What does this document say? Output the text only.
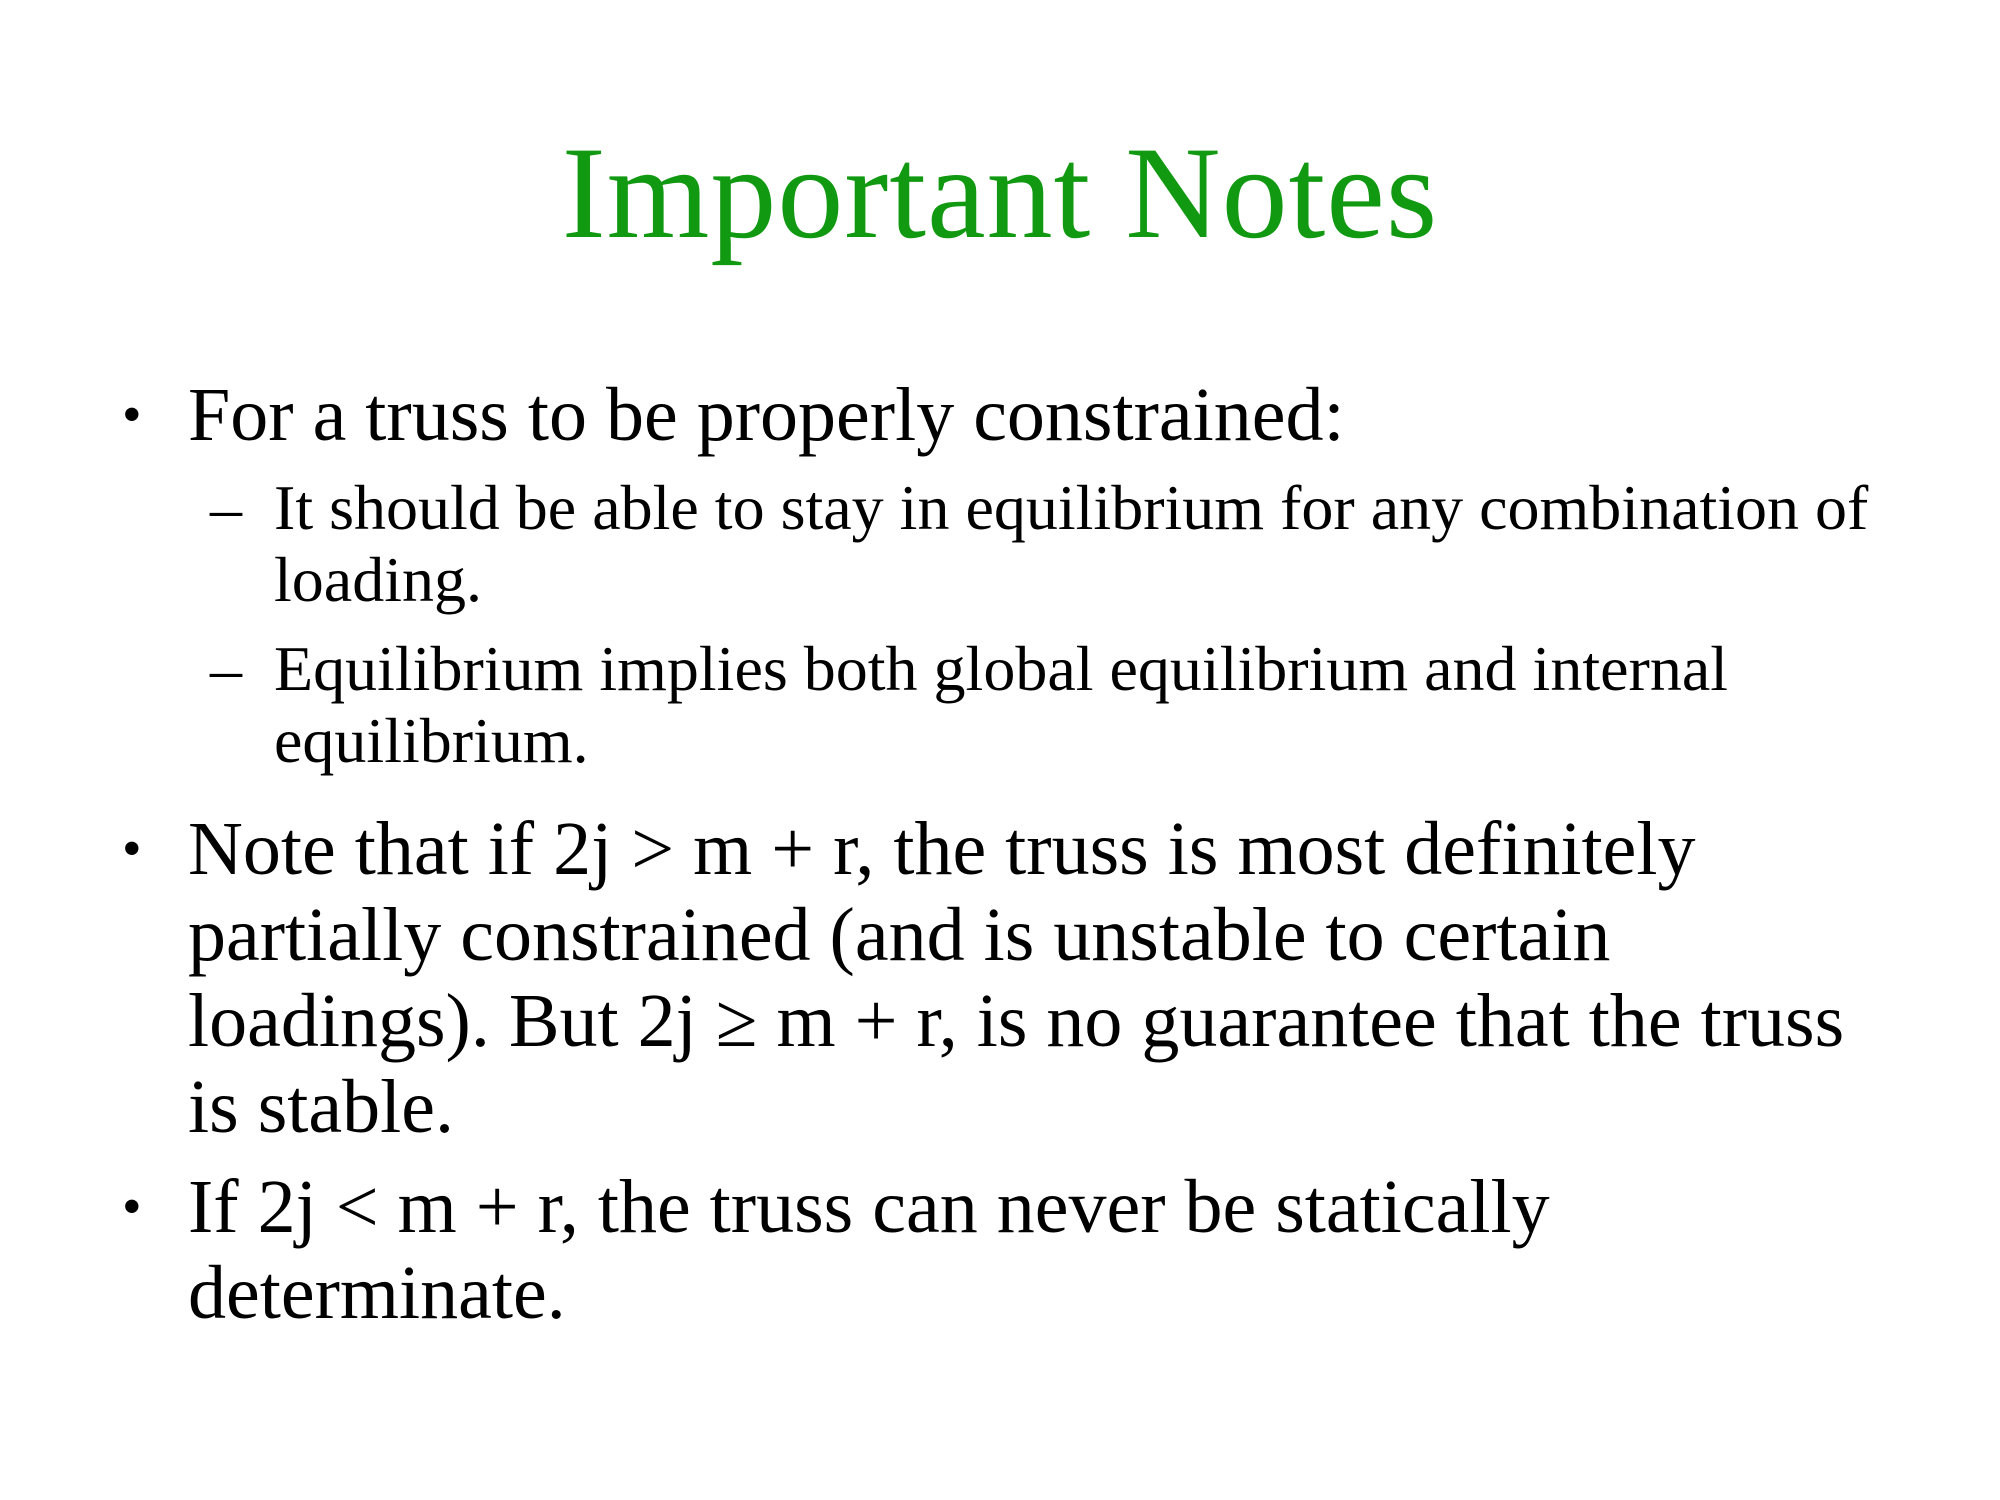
Important Notes
• For a truss to be properly constrained:
– It should be able to stay in equilibrium for any combination of loading.
– Equilibrium implies both global equilibrium and internal equilibrium.
• Note that if 2j > m + r, the truss is most definitely partially constrained (and is unstable to certain loadings). But 2j ≥ m + r, is no guarantee that the truss is stable.
• If 2j < m + r, the truss can never be statically determinate.
